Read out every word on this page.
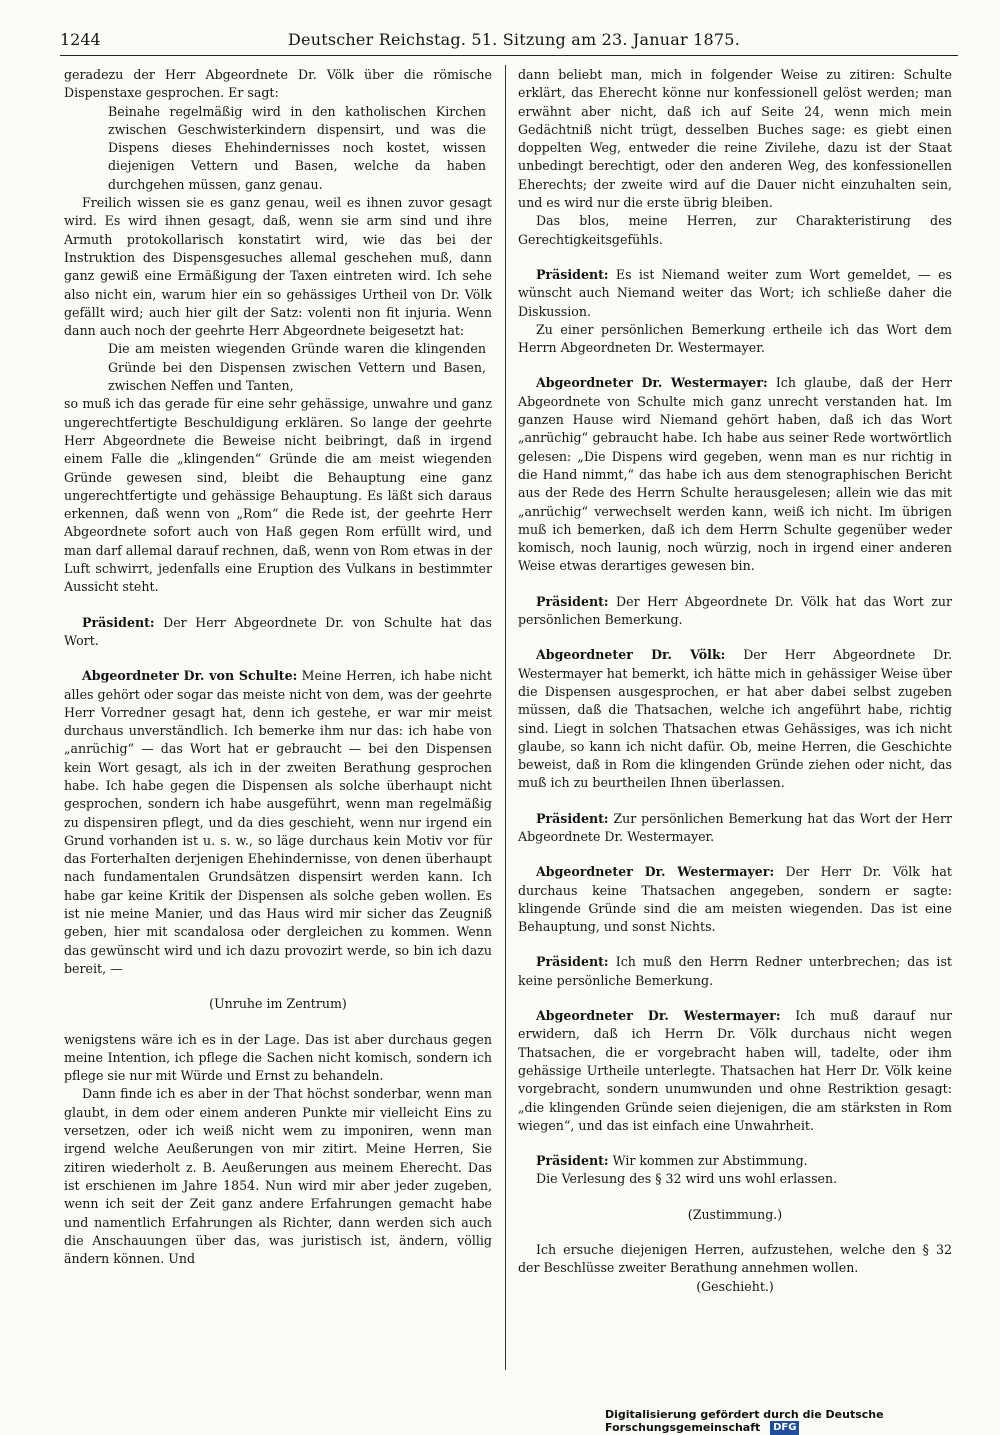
1244	Deutscher Reichstag. 51. Sitzung am 23. Januar 1875.

geradezu der Herr Abgeordnete Dr. Völk über die römische Dispenstaxe gesprochen. Er sagt:

Beinahe regelmäßig wird in den katholischen Kirchen zwischen Geschwisterkindern dispensirt, und was die Dispens dieses Ehehindernisses noch kostet, wissen diejenigen Vettern und Basen, welche da haben durchgehen müssen, ganz genau.

Freilich wissen sie es ganz genau, weil es ihnen zuvor gesagt wird. Es wird ihnen gesagt, daß, wenn sie arm sind und ihre Armuth protokollarisch konstatirt wird, wie das bei der Instruktion des Dispensgesuches allemal geschehen muß, dann ganz gewiß eine Ermäßigung der Taxen eintreten wird. Ich sehe also nicht ein, warum hier ein so gehässiges Urtheil von Dr. Völk gefällt wird; auch hier gilt der Satz: volenti non fit injuria. Wenn dann auch noch der geehrte Herr Abgeordnete beigesetzt hat:

Die am meisten wiegenden Gründe waren die klingenden Gründe bei den Dispensen zwischen Vettern und Basen, zwischen Neffen und Tanten,

so muß ich das gerade für eine sehr gehässige, unwahre und ganz ungerechtfertigte Beschuldigung erklären. So lange der geehrte Herr Abgeordnete die Beweise nicht beibringt, daß in irgend einem Falle die „klingenden“ Gründe die am meist wiegenden Gründe gewesen sind, bleibt die Behauptung eine ganz ungerechtfertigte und gehässige Behauptung. Es läßt sich daraus erkennen, daß wenn von „Rom“ die Rede ist, der geehrte Herr Abgeordnete sofort auch von Haß gegen Rom erfüllt wird, und man darf allemal darauf rechnen, daß, wenn von Rom etwas in der Luft schwirrt, jedenfalls eine Eruption des Vulkans in bestimmter Aussicht steht.

Präsident: Der Herr Abgeordnete Dr. von Schulte hat das Wort.

Abgeordneter Dr. von Schulte: Meine Herren, ich habe nicht alles gehört oder sogar das meiste nicht von dem, was der geehrte Herr Vorredner gesagt hat, denn ich gestehe, er war mir meist durchaus unverständlich. Ich bemerke ihm nur das: ich habe von „anrüchig“ — das Wort hat er gebraucht — bei den Dispensen kein Wort gesagt, als ich in der zweiten Berathung gesprochen habe. Ich habe gegen die Dispensen als solche überhaupt nicht gesprochen, sondern ich habe ausgeführt, wenn man regelmäßig zu dispensiren pflegt, und da dies geschieht, wenn nur irgend ein Grund vorhanden ist u. s. w., so läge durchaus kein Motiv vor für das Forterhalten derjenigen Ehehindernisse, von denen überhaupt nach fundamentalen Grundsätzen dispensirt werden kann. Ich habe gar keine Kritik der Dispensen als solche geben wollen. Es ist nie meine Manier, und das Haus wird mir sicher das Zeugniß geben, hier mit scandalosa oder dergleichen zu kommen. Wenn das gewünscht wird und ich dazu provozirt werde, so bin ich dazu bereit, —

(Unruhe im Zentrum)

wenigstens wäre ich es in der Lage. Das ist aber durchaus gegen meine Intention, ich pflege die Sachen nicht komisch, sondern ich pflege sie nur mit Würde und Ernst zu behandeln.

Dann finde ich es aber in der That höchst sonderbar, wenn man glaubt, in dem oder einem anderen Punkte mir vielleicht Eins zu versetzen, oder ich weiß nicht wem zu imponiren, wenn man irgend welche Aeußerungen von mir zitirt. Meine Herren, Sie zitiren wiederholt z. B. Aeußerungen aus meinem Eherecht. Das ist erschienen im Jahre 1854. Nun wird mir aber jeder zugeben, wenn ich seit der Zeit ganz andere Erfahrungen gemacht habe und namentlich Erfahrungen als Richter, dann werden sich auch die Anschauungen über das, was juristisch ist, ändern, völlig ändern können. Und

dann beliebt man, mich in folgender Weise zu zitiren: Schulte erklärt, das Eherecht könne nur konfessionell gelöst werden; man erwähnt aber nicht, daß ich auf Seite 24, wenn mich mein Gedächtniß nicht trügt, desselben Buches sage: es giebt einen doppelten Weg, entweder die reine Zivilehe, dazu ist der Staat unbedingt berechtigt, oder den anderen Weg, des konfessionellen Eherechts; der zweite wird auf die Dauer nicht einzuhalten sein, und es wird nur die erste übrig bleiben.

Das blos, meine Herren, zur Charakteristirung des Gerechtigkeitsgefühls.

Präsident: Es ist Niemand weiter zum Wort gemeldet, — es wünscht auch Niemand weiter das Wort; ich schließe daher die Diskussion.

Zu einer persönlichen Bemerkung ertheile ich das Wort dem Herrn Abgeordneten Dr. Westermayer.

Abgeordneter Dr. Westermayer: Ich glaube, daß der Herr Abgeordnete von Schulte mich ganz unrecht verstanden hat. Im ganzen Hause wird Niemand gehört haben, daß ich das Wort „anrüchig“ gebraucht habe. Ich habe aus seiner Rede wortwörtlich gelesen: „Die Dispens wird gegeben, wenn man es nur richtig in die Hand nimmt,“ das habe ich aus dem stenographischen Bericht aus der Rede des Herrn Schulte herausgelesen; allein wie das mit „anrüchig“ verwechselt werden kann, weiß ich nicht. Im übrigen muß ich bemerken, daß ich dem Herrn Schulte gegenüber weder komisch, noch launig, noch würzig, noch in irgend einer anderen Weise etwas derartiges gewesen bin.

Präsident: Der Herr Abgeordnete Dr. Völk hat das Wort zur persönlichen Bemerkung.

Abgeordneter Dr. Völk: Der Herr Abgeordnete Dr. Westermayer hat bemerkt, ich hätte mich in gehässiger Weise über die Dispensen ausgesprochen, er hat aber dabei selbst zugeben müssen, daß die Thatsachen, welche ich angeführt habe, richtig sind. Liegt in solchen Thatsachen etwas Gehässiges, was ich nicht glaube, so kann ich nicht dafür. Ob, meine Herren, die Geschichte beweist, daß in Rom die klingenden Gründe ziehen oder nicht, das muß ich zu beurtheilen Ihnen überlassen.

Präsident: Zur persönlichen Bemerkung hat das Wort der Herr Abgeordnete Dr. Westermayer.

Abgeordneter Dr. Westermayer: Der Herr Dr. Völk hat durchaus keine Thatsachen angegeben, sondern er sagte: klingende Gründe sind die am meisten wiegenden. Das ist eine Behauptung, und sonst Nichts.

Präsident: Ich muß den Herrn Redner unterbrechen; das ist keine persönliche Bemerkung.

Abgeordneter Dr. Westermayer: Ich muß darauf nur erwidern, daß ich Herrn Dr. Völk durchaus nicht wegen Thatsachen, die er vorgebracht haben will, tadelte, oder ihm gehässige Urtheile unterlegte. Thatsachen hat Herr Dr. Völk keine vorgebracht, sondern unumwunden und ohne Restriktion gesagt: „die klingenden Gründe seien diejenigen, die am stärksten in Rom wiegen“, und das ist einfach eine Unwahrheit.

Präsident: Wir kommen zur Abstimmung.

Die Verlesung des § 32 wird uns wohl erlassen.

(Zustimmung.)

Ich ersuche diejenigen Herren, aufzustehen, welche den § 32 der Beschlüsse zweiter Berathung annehmen wollen.

(Geschieht.)

Digitalisierung gefördert durch die Deutsche Forschungsgemeinschaft DFG
